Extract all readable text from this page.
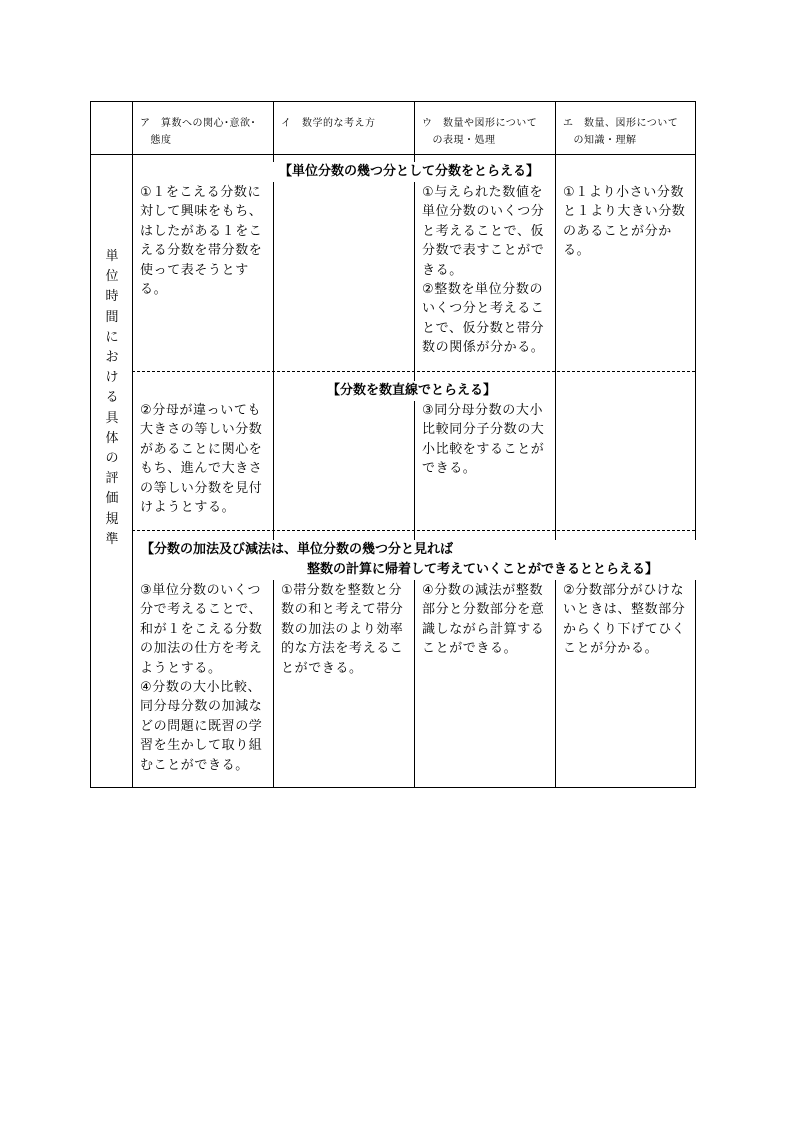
ア　算数への関心･意欲･
　態度
イ　数学的な考え方	ウ　数量や図形について
　の表現・処理
エ　数量、図形について
　の知識・理解
単
位
時
間
に
お
け
る
具
体
の
評
価
規
準
【単位分数の幾つ分として分数をとらえる】
①１をこえる分数に
対して興味をもち、
はしたがある１をこ
える分数を帯分数を
使って表そうとす
る。
①与えられた数値を
単位分数のいくつ分
と考えることで、仮
分数で表すことがで
きる。
②整数を単位分数の
いくつ分と考えるこ
とで、仮分数と帯分
数の関係が分かる。
①１より小さい分数
と１より大きい分数
のあることが分か
る。
【分数を数直線でとらえる】
②分母が違っいても
大きさの等しい分数
があることに関心を
もち、進んで大きさ
の等しい分数を見付
けようとする。
③同分母分数の大小
比較同分子分数の大
小比較をすることが
できる。
【分数の加法及び減法は、単位分数の幾つ分と見れば
整数の計算に帰着して考えていくことができるととらえる】
③単位分数のいくつ
分で考えることで、
和が１をこえる分数
の加法の仕方を考え
ようとする。
④分数の大小比較、
同分母分数の加減な
どの問題に既習の学
習を生かして取り組
むことができる。
①帯分数を整数と分
数の和と考えて帯分
数の加法のより効率
的な方法を考えるこ
とができる。
④分数の減法が整数
部分と分数部分を意
識しながら計算する
ことができる。
②分数部分がひけな
いときは、整数部分
からくり下げてひく
ことが分かる。
